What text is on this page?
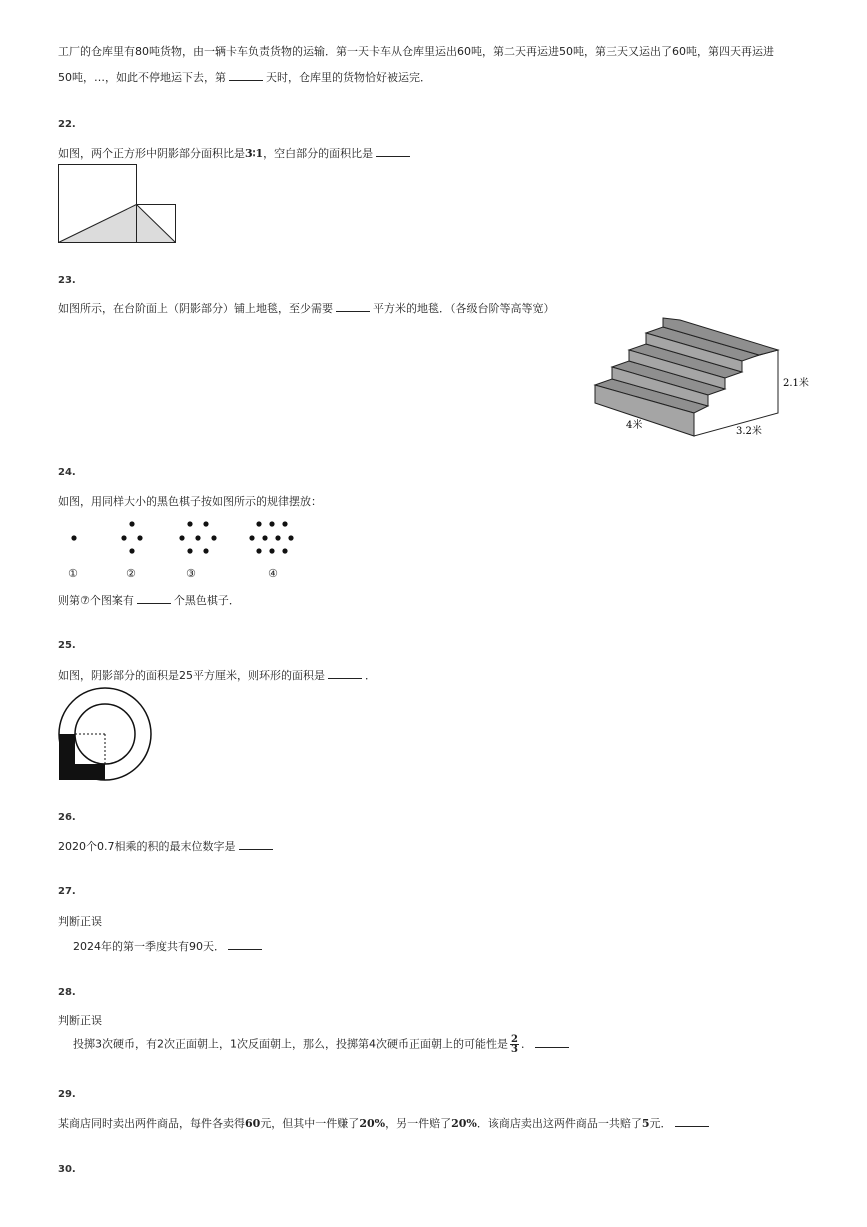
工厂的仓库里有80吨货物，由一辆卡车负责货物的运输．第一天卡车从仓库里运出60吨，第二天再运进50吨，第三天又运出了60吨，第四天再运进
50吨，…，如此不停地运下去，第	天时，仓库里的货物恰好被运完．
22.
如图，两个正方形中阴影部分面积比是3∶1，空白部分的面积比是
23.
如图所示，在台阶面上（阴影部分）铺上地毯，至少需要	平方米的地毯．（各级台阶等高等宽）
2.1米
4米
3.2米
24.
如图，用同样大小的黑色棋子按如图所示的规律摆放：
①	②	③	④
则第⑦个图案有	个黑色棋子．
25.
如图，阴影部分的面积是25平方厘米，则环形的面积是	．
26.
2020个0.7相乘的积的最末位数字是
27.
判断正误
2024年的第一季度共有90天．
28.
判断正误
投掷3次硬币，有2次正面朝上，1次反面朝上，那么，投掷第4次硬币正面朝上的可能性是 $\frac{2}{3}$ ．
29.
某商店同时卖出两件商品，每件各卖得60元，但其中一件赚了20%，另一件赔了20%．该商店卖出这两件商品一共赔了5元．
30.
